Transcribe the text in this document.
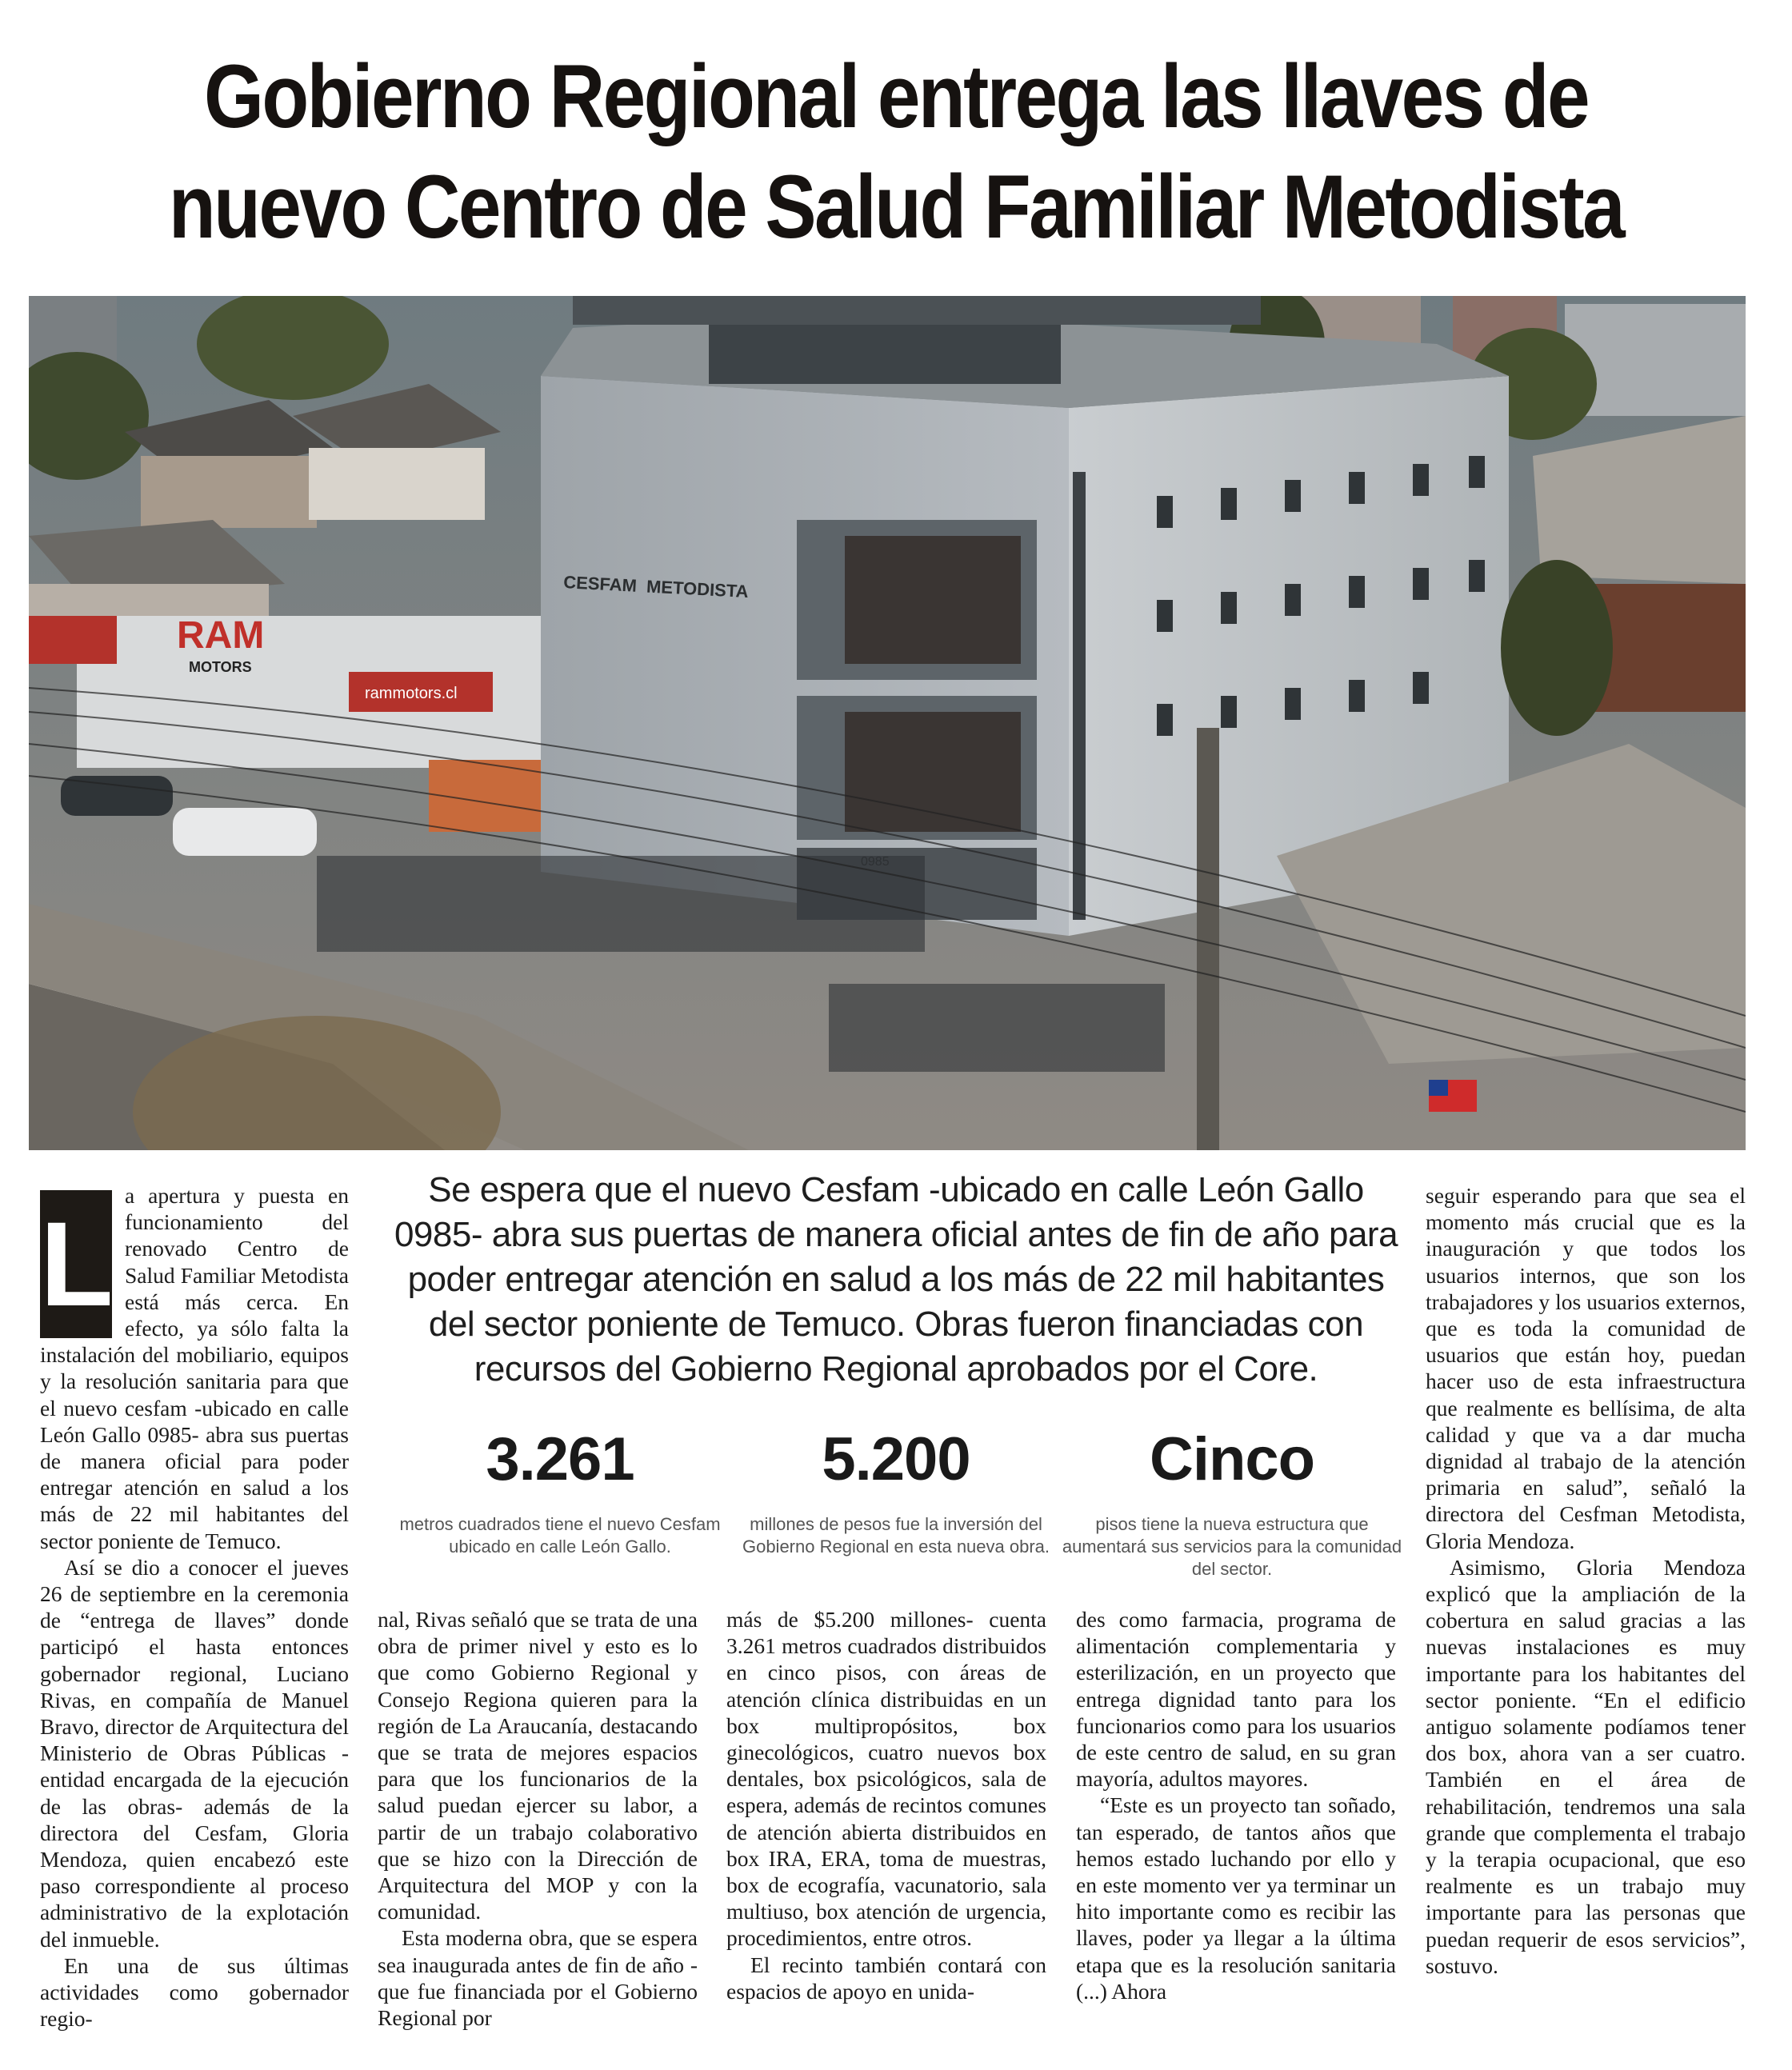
Gobierno Regional entrega las llaves de nuevo Centro de Salud Familiar Metodista
RAM
MOTORS
rammotors.cl
CESFAM  METODISTA
L

a apertura y puesta en funcionamiento del renovado Centro de Salud Familiar Metodista está más cerca. En efecto, ya sólo falta la instalación del mobiliario, equipos y la resolución sanitaria para que el nuevo cesfam -ubicado en calle León Gallo 0985- abra sus puertas de manera oficial para poder entregar atención en salud a los más de 22 mil habitantes del sector poniente de Temuco.

Así se dio a conocer el jueves 26 de septiembre en la ceremonia de “entrega de llaves” donde participó el hasta entonces gobernador regional, Luciano Rivas, en compañía de Manuel Bravo, director de Arquitectura del Ministerio de Obras Públicas -entidad encargada de la ejecución de las obras- además de la directora del Cesfam, Gloria Mendoza, quien encabezó este paso correspondiente al proceso administrativo de la explotación del inmueble.

En una de sus últimas actividades como gobernador regio-

Se espera que el nuevo Cesfam -ubicado en calle León Gallo 0985- abra sus puertas de manera oficial antes de fin de año para poder entregar atención en salud a los más de 22 mil habitantes del sector poniente de Temuco. Obras fueron financiadas con recursos del Gobierno Regional aprobados por el Core.

3.261
metros cuadrados tiene el nuevo Cesfam ubicado en calle León Gallo.
5.200
millones de pesos fue la inversión del Gobierno Regional en esta nueva obra.
Cinco
pisos tiene la nueva estructura que aumentará sus servicios para la comunidad del sector.

nal, Rivas señaló que se trata de una obra de primer nivel y esto es lo que como Gobierno Regional y Consejo Regiona quieren para la región de La Araucanía, destacando que se trata de mejores espacios para que los funcionarios de la salud puedan ejercer su labor, a partir de un trabajo colaborativo que se hizo con la Dirección de Arquitectura del MOP y con la comunidad.

Esta moderna obra, que se espera sea inaugurada antes de fin de año -que fue financiada por el Gobierno Regional por

más de $5.200 millones- cuenta 3.261 metros cuadrados distribuidos en cinco pisos, con áreas de atención clínica distribuidas en un box multipropósitos, box ginecológicos, cuatro nuevos box dentales, box psicológicos, sala de espera, además de recintos comunes de atención abierta distribuidos en box IRA, ERA, toma de muestras, box de ecografía, vacunatorio, sala multiuso, box atención de urgencia, procedimientos, entre otros.

El recinto también contará con espacios de apoyo en unida-

des como farmacia, programa de alimentación complementaria y esterilización, en un proyecto que entrega dignidad tanto para los funcionarios como para los usuarios de este centro de salud, en su gran mayoría, adultos mayores.

“Este es un proyecto tan soñado, tan esperado, de tantos años que hemos estado luchando por ello y en este momento ver ya terminar un hito importante como es recibir las llaves, poder ya llegar a la última etapa que es la resolución sanitaria (...) Ahora

seguir esperando para que sea el momento más crucial que es la inauguración y que todos los usuarios internos, que son los trabajadores y los usuarios externos, que es toda la comunidad de usuarios que están hoy, puedan hacer uso de esta infraestructura que realmente es bellísima, de alta calidad y que va a dar mucha dignidad al trabajo de la atención primaria en salud”, señaló la directora del Cesfman Metodista, Gloria Mendoza.

Asimismo, Gloria Mendoza explicó que la ampliación de la cobertura en salud gracias a las nuevas instalaciones es muy importante para los habitantes del sector poniente. “En el edificio antiguo solamente podíamos tener dos box, ahora van a ser cuatro. También en el área de rehabilitación, tendremos una sala grande que complementa el trabajo y la terapia ocupacional, que eso realmente es un trabajo muy importante para las personas que puedan requerir de esos servicios”, sostuvo.
